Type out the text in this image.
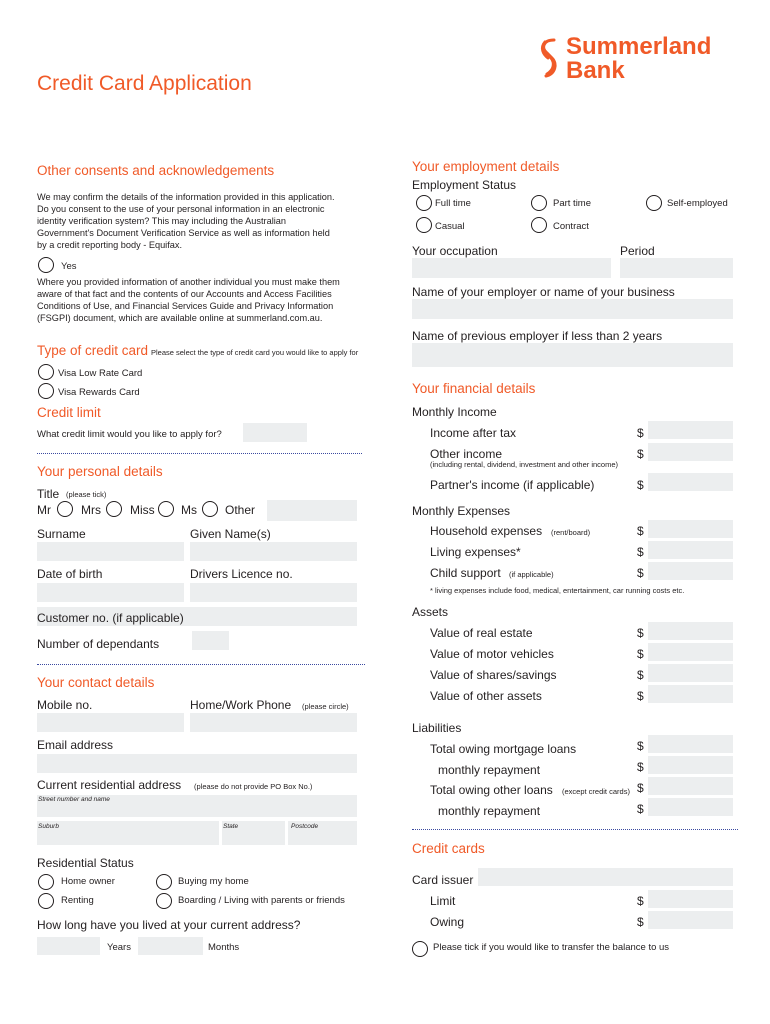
Summerland
Bank
Credit Card Application
Other consents and acknowledgements
We may confirm the details of the information provided in this application. Do you consent to the use of your personal information in an electronic identity verification system? This may including the Australian Government's Document Verification Service as well as information held by a credit reporting body - Equifax.
Yes
Where you provided information of another individual you must make them aware of that fact and the contents of our Accounts and Access Facilities Conditions of Use, and Financial Services Guide and Privacy Information (FSGPI) document, which are available online at summerland.com.au.
Type of credit card Please select the type of credit card you would like to apply for
Visa Low Rate Card
Visa Rewards Card
Credit limit
What credit limit would you like to apply for?
Your personal details
Title (please tick)
Mr	Mrs Miss Ms Other
Surname	Given Name(s)
Date of birth	Drivers Licence no.
Customer no. (if applicable)
Number of dependants
Your contact details
Mobile no.	Home/Work Phone (please circle)
Email address
Current residential address (please do not provide PO Box No.)
Street number and name
Suburb	State	Postcode
Residential Status
Home owner	Buying my home
Renting	Boarding / Living with parents or friends
How long have you lived at your current address?
Years	Months
Your employment details
Employment Status
Full time	Part time	Self-employed
Casual	Contract
Your occupation	Period
Name of your employer or name of your business
Name of previous employer if less than 2 years
Your financial details
Monthly Income
Income after tax	$
Other income	$
(including rental, dividend, investment and other income)
Partner's income (if applicable)	$
Monthly Expenses
Household expenses (rent/board)	$
Living expenses*	$
Child support (if applicable)	$
* living expenses include food, medical, entertainment, car running costs etc.
Assets
Value of real estate	$
Value of motor vehicles	$
Value of shares/savings	$
Value of other assets	$
Liabilities
Total owing mortgage loans	$
monthly repayment	$
Total owing other loans (except credit cards) $
monthly repayment	$
Credit cards
Card issuer
Limit	$
Owing	$
Please tick if you would like to transfer the balance to us
